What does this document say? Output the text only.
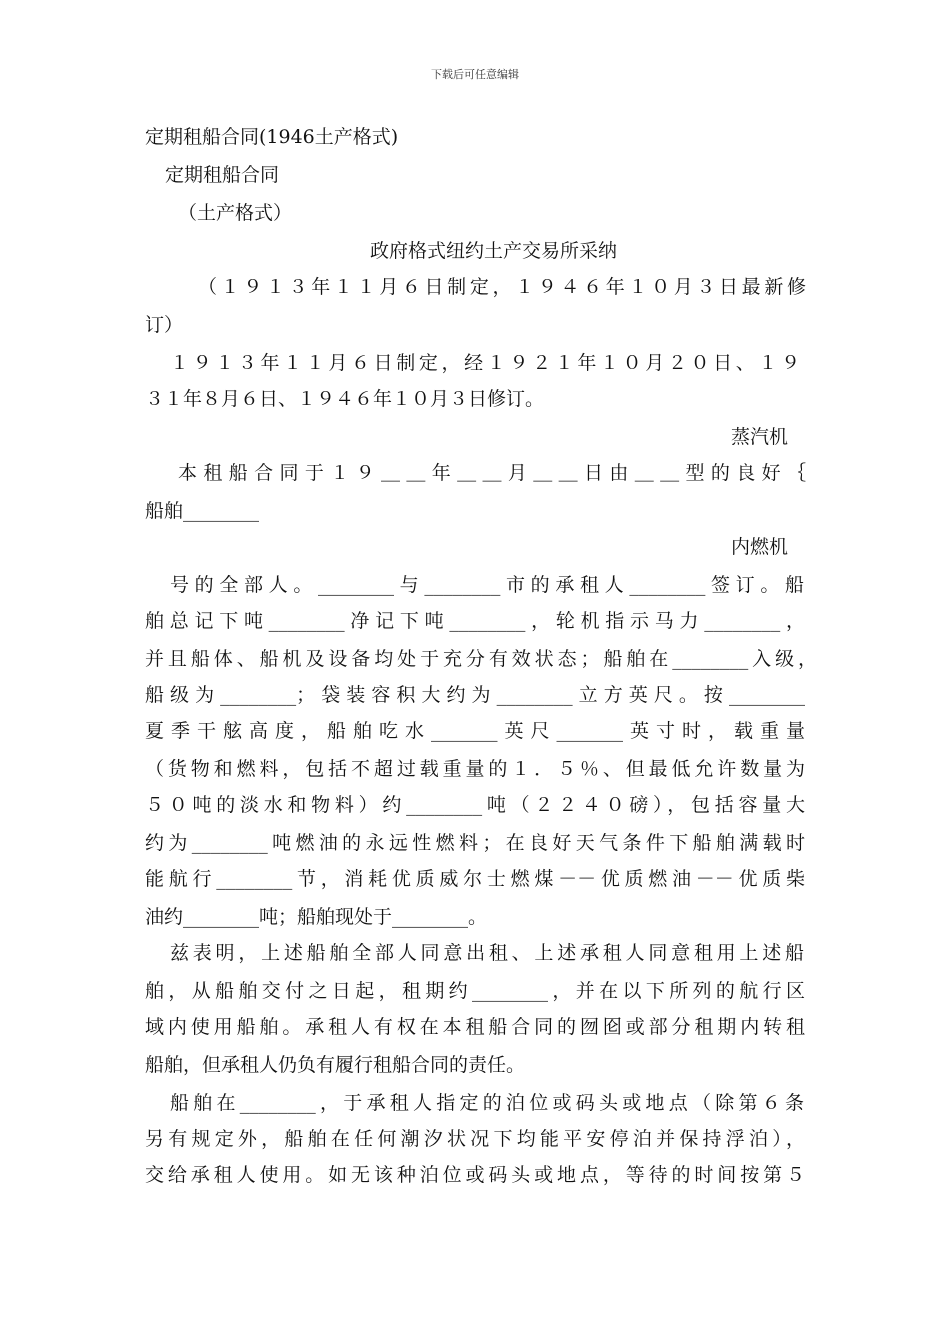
下载后可任意编辑
定期租船合同(1946土产格式)
定期租船合同
（土产格式）
政府格式纽约土产交易所采纳
（１９１３年１１月６日制定，１９４６年１０月３日最新修
订）
１９１３年１１月６日制定，经１９２１年１０月２０日、１９
３１年８月６日、１９４６年１０月３日修订。
蒸汽机
本租船合同于１９＿＿年＿＿月＿＿日由＿＿型的良好｛
船舶________
内燃机
号的全部人。________与________市的承租人________签订。船
舶总记下吨________净记下吨________，轮机指示马力________，
并且船体、船机及设备均处于充分有效状态；船舶在________入级，
船级为________；袋装容积大约为________立方英尺。按________
夏季干舷高度，船舶吃水_______英尺_______英寸时，载重量
（货物和燃料，包括不超过载重量的１．５％、但最低允许数量为
５０吨的淡水和物料）约________吨（２２４０磅），包括容量大
约为________吨燃油的永远性燃料；在良好天气条件下船舶满载时
能航行________节，消耗优质威尔士燃煤－－优质燃油－－优质柴
油约________吨；船舶现处于________。
兹表明，上述船舶全部人同意出租、上述承租人同意租用上述船
舶，从船舶交付之日起，租期约________，并在以下所列的航行区
域内使用船舶。承租人有权在本租船合同的囫囵或部分租期内转租
船舶，但承租人仍负有履行租船合同的责任。
船舶在________，于承租人指定的泊位或码头或地点（除第６条
另有规定外，船舶在任何潮汐状况下均能平安停泊并保持浮泊），
交给承租人使用。如无该种泊位或码头或地点，等待的时间按第５
